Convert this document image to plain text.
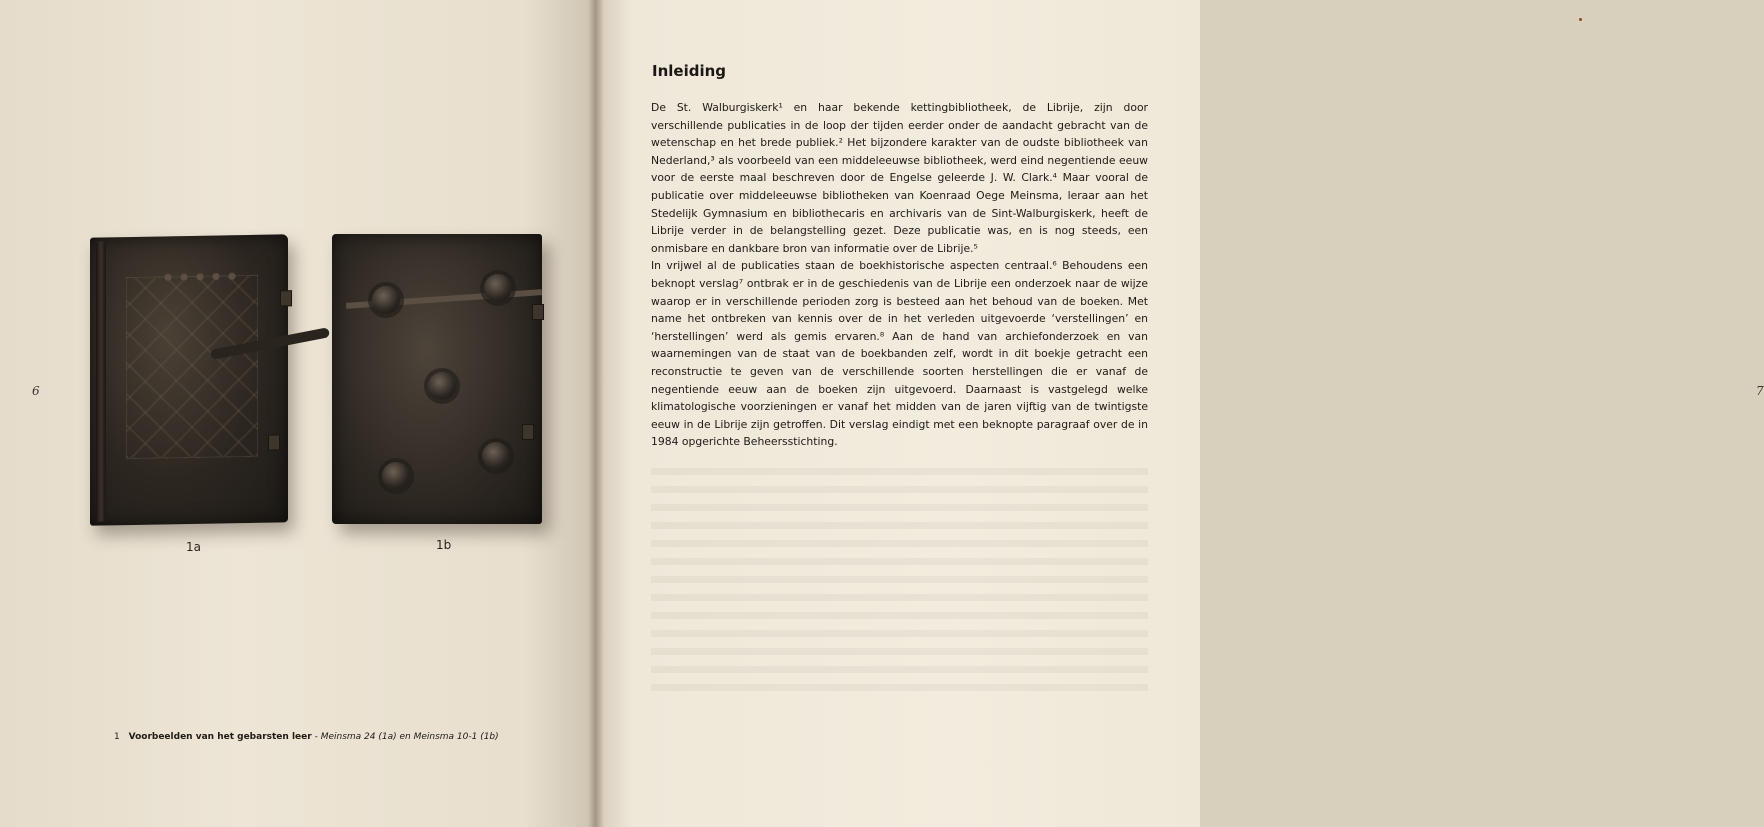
6
1a	1b
1 Voorbeelden van het gebarsten leer - Meinsma 24 (1a) en Meinsma 10-1 (1b)
7
Inleiding

De St. Walburgiskerk¹ en haar bekende kettingbibliotheek, de Librije, zijn door verschillende publicaties in de loop der tijden eerder onder de aandacht gebracht van de wetenschap en het brede publiek.² Het bijzondere karakter van de oudste bibliotheek van Nederland,³ als voorbeeld van een middeleeuwse bibliotheek, werd eind negentiende eeuw voor de eerste maal beschreven door de Engelse geleerde J. W. Clark.⁴ Maar vooral de publicatie over middeleeuwse bibliotheken van Koenraad Oege Meinsma, leraar aan het Stedelijk Gymnasium en bibliothecaris en archivaris van de Sint-Walburgiskerk, heeft de Librije verder in de belangstelling gezet. Deze publicatie was, en is nog steeds, een onmisbare en dankbare bron van informatie over de Librije.⁵

In vrijwel al de publicaties staan de boekhistorische aspecten centraal.⁶ Behoudens een beknopt verslag⁷ ontbrak er in de geschiedenis van de Librije een onderzoek naar de wijze waarop er in verschillende perioden zorg is besteed aan het behoud van de boeken. Met name het ontbreken van kennis over de in het verleden uitgevoerde ‘verstellingen’ en ‘herstellingen’ werd als gemis ervaren.⁸ Aan de hand van archiefonderzoek en van waarnemingen van de staat van de boekbanden zelf, wordt in dit boekje getracht een reconstructie te geven van de verschillende soorten herstellingen die er vanaf de negentiende eeuw aan de boeken zijn uitgevoerd. Daarnaast is vastgelegd welke klimatologische voorzieningen er vanaf het midden van de jaren vijftig van de twintigste eeuw in de Librije zijn getroffen. Dit verslag eindigt met een beknopte paragraaf over de in 1984 opgerichte Beheersstichting.
